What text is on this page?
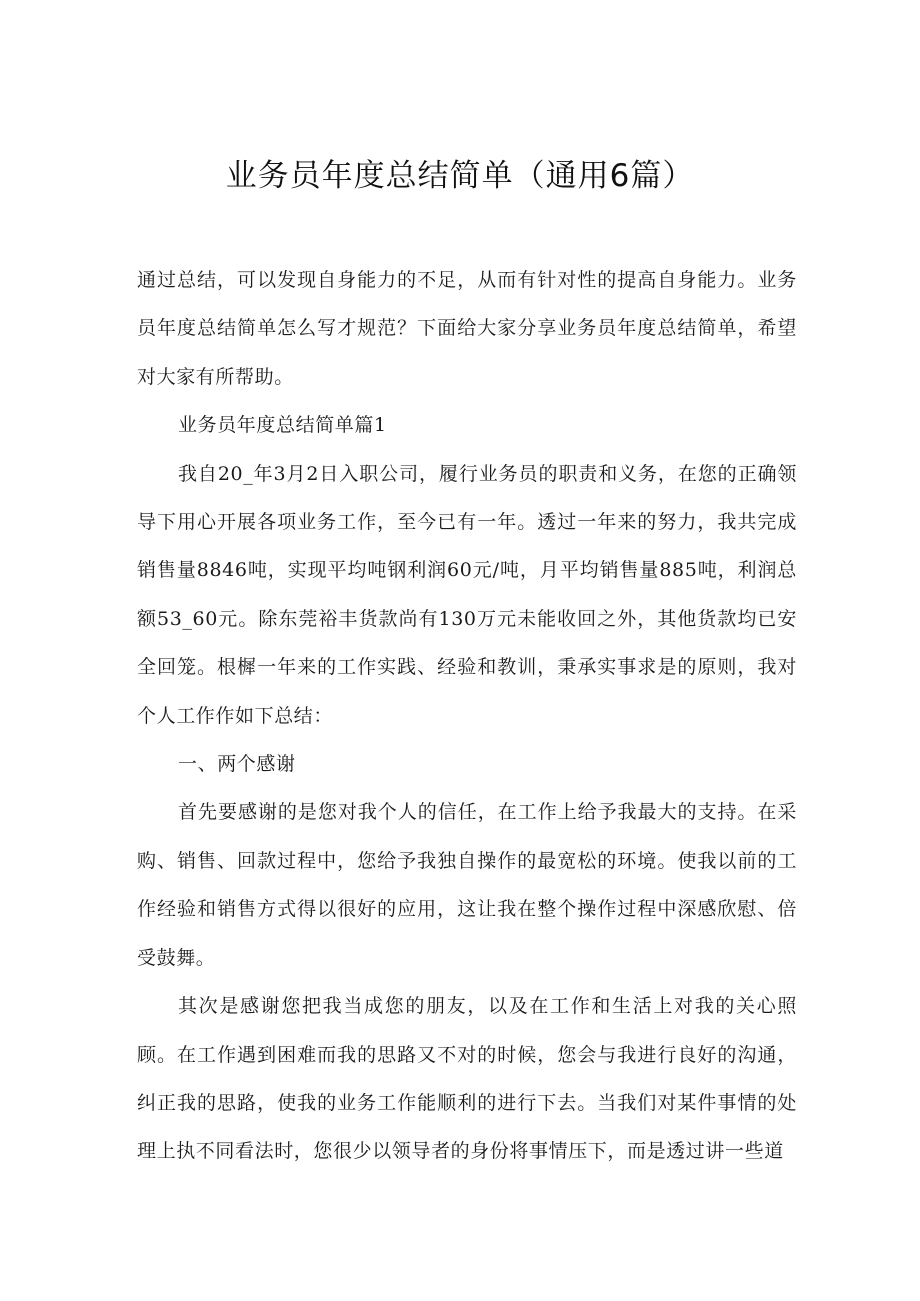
业务员年度总结简单（通用6篇）

通过总结，可以发现自身能力的不足，从而有针对性的提高自身能力。业务员年度总结简单怎么写才规范？下面给大家分享业务员年度总结简单，希望对大家有所帮助。

业务员年度总结简单篇1

我自20_年3月2日入职公司，履行业务员的职责和义务，在您的正确领导下用心开展各项业务工作，至今已有一年。透过一年来的努力，我共完成销售量8846吨，实现平均吨钢利润60元/吨，月平均销售量885吨，利润总额53_60元。除东莞裕丰货款尚有130万元未能收回之外，其他货款均已安全回笼。根樨一年来的工作实践、经验和教训，秉承实事求是的原则，我对个人工作作如下总结：

一、两个感谢

首先要感谢的是您对我个人的信任，在工作上给予我最大的支持。在采购、销售、回款过程中，您给予我独自操作的最宽松的环境。使我以前的工作经验和销售方式得以很好的应用，这让我在整个操作过程中深感欣慰、倍受鼓舞。

其次是感谢您把我当成您的朋友，以及在工作和生活上对我的关心照顾。在工作遇到困难而我的思路又不对的时候，您会与我进行良好的沟通，纠正我的思路，使我的业务工作能顺利的进行下去。当我们对某件事情的处理上执不同看法时，您很少以领导者的身份将事情压下，而是透过讲一些道
